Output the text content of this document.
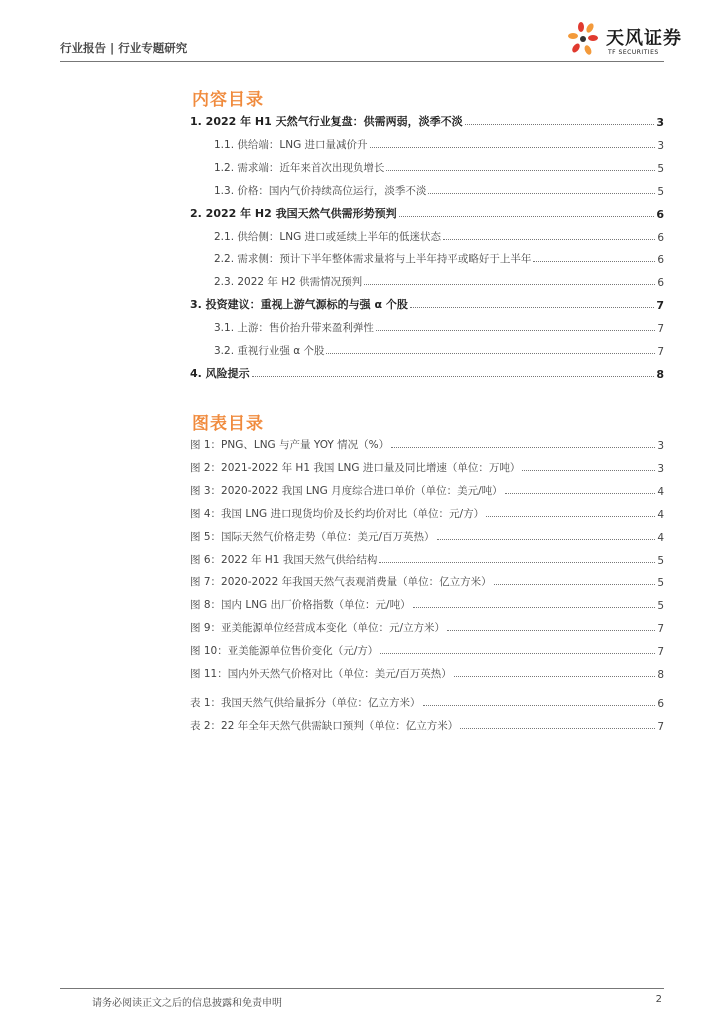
行业报告 | 行业专题研究	天风证券
TF SECURITIES
内容目录
1. 2022 年 H1 天然气行业复盘：供需两弱，淡季不淡	3
1.1. 供给端：LNG 进口量减价升	3
1.2. 需求端：近年来首次出现负增长	5
1.3. 价格：国内气价持续高位运行，淡季不淡	5
2. 2022 年 H2 我国天然气供需形势预判	6
2.1. 供给侧：LNG 进口或延续上半年的低迷状态	6
2.2. 需求侧：预计下半年整体需求量将与上半年持平或略好于上半年	6
2.3. 2022 年 H2 供需情况预判	6
3. 投资建议：重视上游气源标的与强 α 个股	7
3.1. 上游：售价抬升带来盈利弹性	7
3.2. 重视行业强 α 个股	7
4. 风险提示	8
图表目录
图 1：PNG、LNG 与产量 YOY 情况（%）	3
图 2：2021-2022 年 H1 我国 LNG 进口量及同比增速（单位：万吨）	3
图 3：2020-2022 我国 LNG 月度综合进口单价（单位：美元/吨）	4
图 4：我国 LNG 进口现货均价及长约均价对比（单位：元/方）	4
图 5：国际天然气价格走势（单位：美元/百万英热）	4
图 6：2022 年 H1 我国天然气供给结构	5
图 7：2020-2022 年我国天然气表观消费量（单位：亿立方米）	5
图 8：国内 LNG 出厂价格指数（单位：元/吨）	5
图 9：亚美能源单位经营成本变化（单位：元/立方米）	7
图 10：亚美能源单位售价变化（元/方）	7
图 11：国内外天然气价格对比（单位：美元/百万英热）	8
表 1：我国天然气供给量拆分（单位：亿立方米）	6
表 2：22 年全年天然气供需缺口预判（单位：亿立方米）	7
请务必阅读正文之后的信息披露和免责申明	2
